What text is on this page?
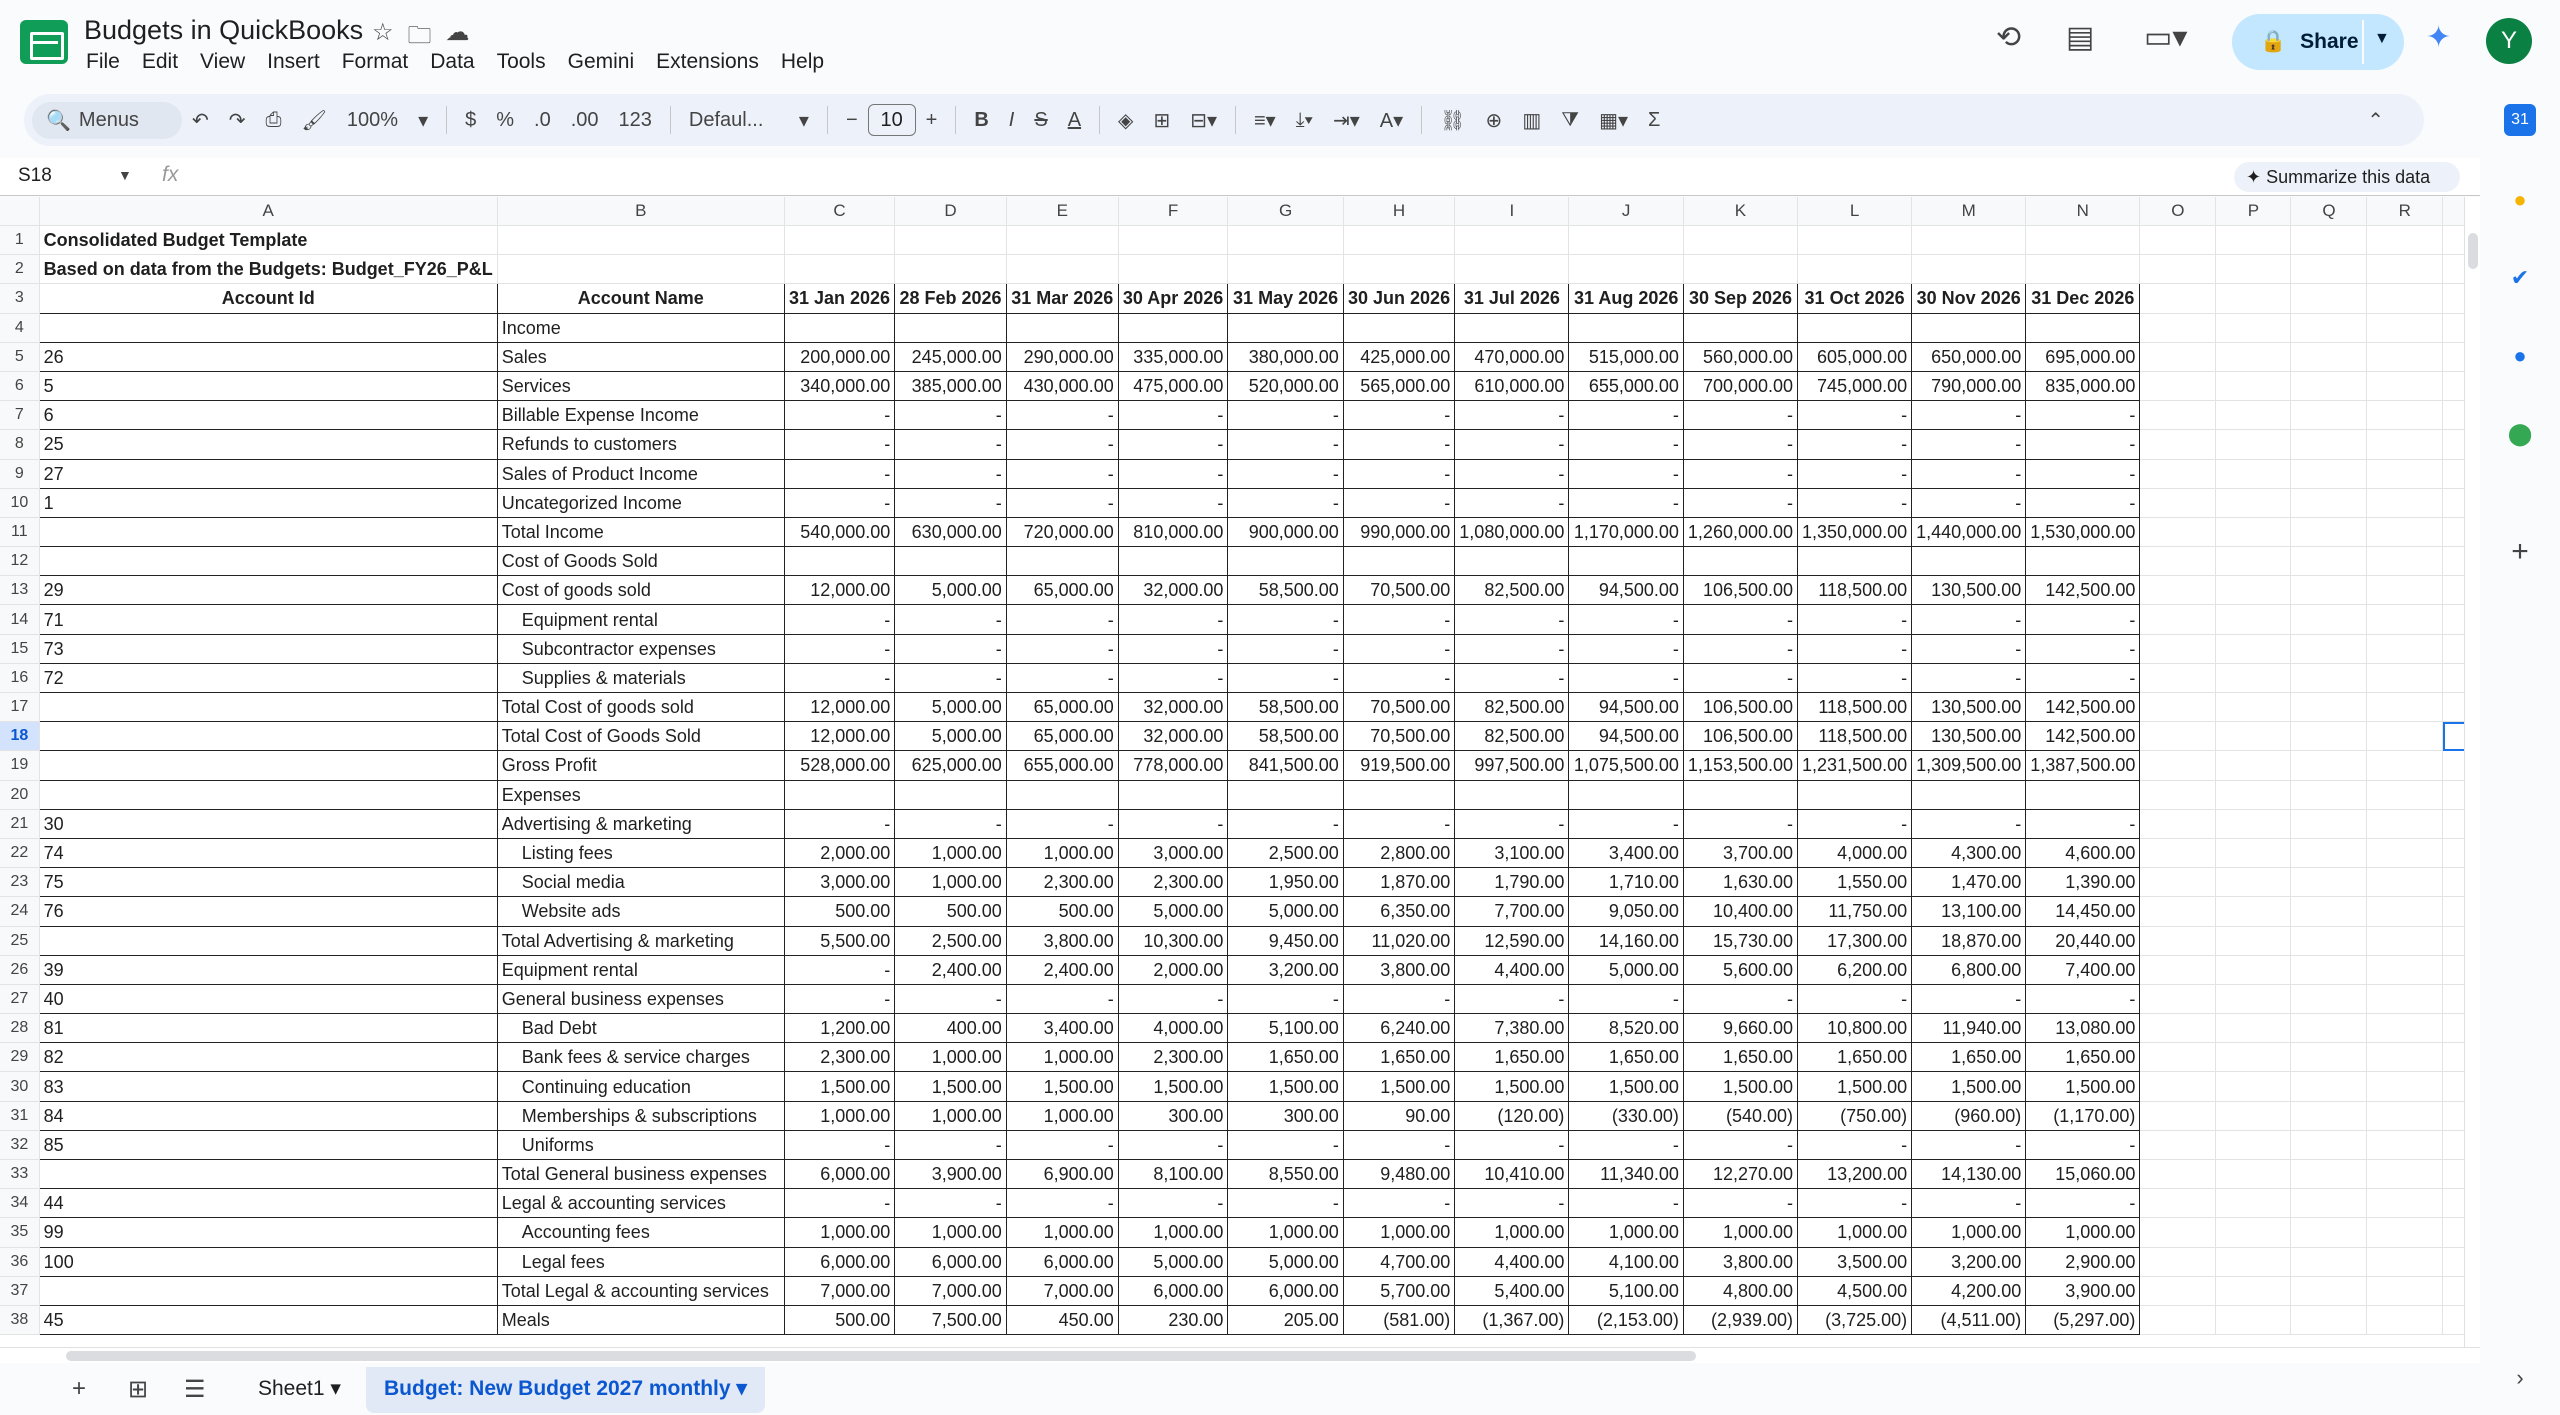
Budgets in QuickBooks ☆ 🗀 ☁
File	Edit	View	Insert	Format	Data	Tools	Gemini	Extensions	Help
⟲ ▤ ▭▾	🔒 Share ▼ ✦	Y
🔍 Menus	↶	↷	⎙	🖌	100%	▾	$	%	.0	.00	123	Defaul...	▾	−	10	+	B	I	S	A	◈	⊞	⊟▾	≡▾	⤓▾	⇥▾	A▾	⛓	⊕	▥	⧩	▦▾	Σ	⌃
S18	▼ fx	✦ Summarize this data
	A	B	C	D	E	F	G	H	I	J	K	L	M	N	O	P	Q	R	
1	Consolidated Budget Template																		
2	Based on data from the Budgets: Budget_FY26_P&L																		
3	Account Id	Account Name	31 Jan 2026	28 Feb 2026	31 Mar 2026	30 Apr 2026	31 May 2026	30 Jun 2026	31 Jul 2026	31 Aug 2026	30 Sep 2026	31 Oct 2026	30 Nov 2026	31 Dec 2026					
4		Income																	
5	26	Sales	200,000.00	245,000.00	290,000.00	335,000.00	380,000.00	425,000.00	470,000.00	515,000.00	560,000.00	605,000.00	650,000.00	695,000.00					
6	5	Services	340,000.00	385,000.00	430,000.00	475,000.00	520,000.00	565,000.00	610,000.00	655,000.00	700,000.00	745,000.00	790,000.00	835,000.00					
7	6	Billable Expense Income	-	-	-	-	-	-	-	-	-	-	-	-					
8	25	Refunds to customers	-	-	-	-	-	-	-	-	-	-	-	-					
9	27	Sales of Product Income	-	-	-	-	-	-	-	-	-	-	-	-					
10	1	Uncategorized Income	-	-	-	-	-	-	-	-	-	-	-	-					
11		Total Income	540,000.00	630,000.00	720,000.00	810,000.00	900,000.00	990,000.00	1,080,000.00	1,170,000.00	1,260,000.00	1,350,000.00	1,440,000.00	1,530,000.00					
12		Cost of Goods Sold																	
13	29	Cost of goods sold	12,000.00	5,000.00	65,000.00	32,000.00	58,500.00	70,500.00	82,500.00	94,500.00	106,500.00	118,500.00	130,500.00	142,500.00					
14	71	Equipment rental	-	-	-	-	-	-	-	-	-	-	-	-					
15	73	Subcontractor expenses	-	-	-	-	-	-	-	-	-	-	-	-					
16	72	Supplies & materials	-	-	-	-	-	-	-	-	-	-	-	-					
17		Total Cost of goods sold	12,000.00	5,000.00	65,000.00	32,000.00	58,500.00	70,500.00	82,500.00	94,500.00	106,500.00	118,500.00	130,500.00	142,500.00					
18		Total Cost of Goods Sold	12,000.00	5,000.00	65,000.00	32,000.00	58,500.00	70,500.00	82,500.00	94,500.00	106,500.00	118,500.00	130,500.00	142,500.00					
19		Gross Profit	528,000.00	625,000.00	655,000.00	778,000.00	841,500.00	919,500.00	997,500.00	1,075,500.00	1,153,500.00	1,231,500.00	1,309,500.00	1,387,500.00					
20		Expenses																	
21	30	Advertising & marketing	-	-	-	-	-	-	-	-	-	-	-	-					
22	74	Listing fees	2,000.00	1,000.00	1,000.00	3,000.00	2,500.00	2,800.00	3,100.00	3,400.00	3,700.00	4,000.00	4,300.00	4,600.00					
23	75	Social media	3,000.00	1,000.00	2,300.00	2,300.00	1,950.00	1,870.00	1,790.00	1,710.00	1,630.00	1,550.00	1,470.00	1,390.00					
24	76	Website ads	500.00	500.00	500.00	5,000.00	5,000.00	6,350.00	7,700.00	9,050.00	10,400.00	11,750.00	13,100.00	14,450.00					
25		Total Advertising & marketing	5,500.00	2,500.00	3,800.00	10,300.00	9,450.00	11,020.00	12,590.00	14,160.00	15,730.00	17,300.00	18,870.00	20,440.00					
26	39	Equipment rental	-	2,400.00	2,400.00	2,000.00	3,200.00	3,800.00	4,400.00	5,000.00	5,600.00	6,200.00	6,800.00	7,400.00					
27	40	General business expenses	-	-	-	-	-	-	-	-	-	-	-	-					
28	81	Bad Debt	1,200.00	400.00	3,400.00	4,000.00	5,100.00	6,240.00	7,380.00	8,520.00	9,660.00	10,800.00	11,940.00	13,080.00					
29	82	Bank fees & service charges	2,300.00	1,000.00	1,000.00	2,300.00	1,650.00	1,650.00	1,650.00	1,650.00	1,650.00	1,650.00	1,650.00	1,650.00					
30	83	Continuing education	1,500.00	1,500.00	1,500.00	1,500.00	1,500.00	1,500.00	1,500.00	1,500.00	1,500.00	1,500.00	1,500.00	1,500.00					
31	84	Memberships & subscriptions	1,000.00	1,000.00	1,000.00	300.00	300.00	90.00	(120.00)	(330.00)	(540.00)	(750.00)	(960.00)	(1,170.00)					
32	85	Uniforms	-	-	-	-	-	-	-	-	-	-	-	-					
33		Total General business expenses	6,000.00	3,900.00	6,900.00	8,100.00	8,550.00	9,480.00	10,410.00	11,340.00	12,270.00	13,200.00	14,130.00	15,060.00					
34	44	Legal & accounting services	-	-	-	-	-	-	-	-	-	-	-	-					
35	99	Accounting fees	1,000.00	1,000.00	1,000.00	1,000.00	1,000.00	1,000.00	1,000.00	1,000.00	1,000.00	1,000.00	1,000.00	1,000.00					
36	100	Legal fees	6,000.00	6,000.00	6,000.00	5,000.00	5,000.00	4,700.00	4,400.00	4,100.00	3,800.00	3,500.00	3,200.00	2,900.00					
37		Total Legal & accounting services	7,000.00	7,000.00	7,000.00	6,000.00	6,000.00	5,700.00	5,400.00	5,100.00	4,800.00	4,500.00	4,200.00	3,900.00					
38	45	Meals	500.00	7,500.00	450.00	230.00	205.00	(581.00)	(1,367.00)	(2,153.00)	(2,939.00)	(3,725.00)	(4,511.00)	(5,297.00)					
31
●
✔
●
⬤
+
›
+ ⊞ ☰	Sheet1 ▾	Budget: New Budget 2027 monthly ▾
